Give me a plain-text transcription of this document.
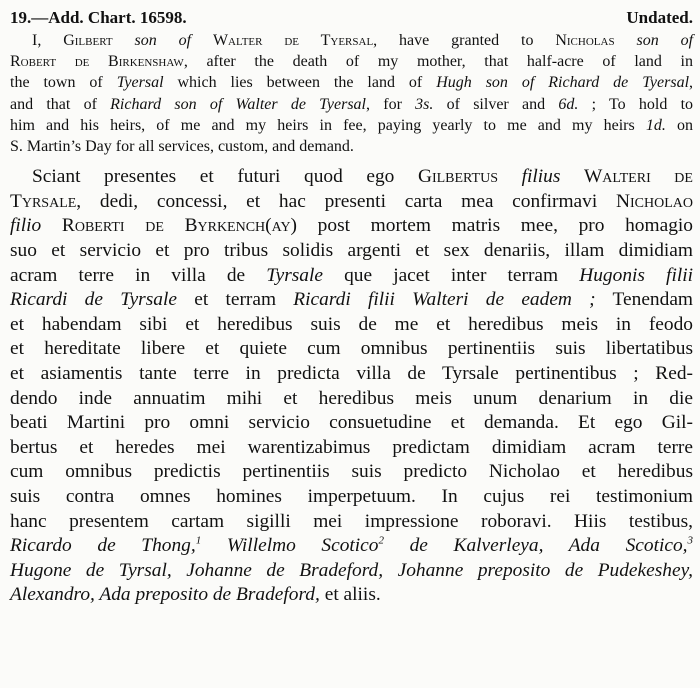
19.—Add. Chart. 16598.	Undated.
I, Gilbert son of Walter de Tyersal, have granted to Nicholas son of
Robert de Birkenshaw, after the death of my mother, that half-acre of land in
the town of Tyersal which lies between the land of Hugh son of Richard de Tyersal,
and that of Richard son of Walter de Tyersal, for 3s. of silver and 6d. ; To hold to
him and his heirs, of me and my heirs in fee, paying yearly to me and my heirs 1d. on
S. Martin’s Day for all services, custom, and demand.
Sciant presentes et futuri quod ego Gilbertus filius Walteri de
Tyrsale, dedi, concessi, et hac presenti carta mea confirmavi Nicholao
filio Roberti de Byrkench(ay) post mortem matris mee, pro homagio
suo et servicio et pro tribus solidis argenti et sex denariis, illam dimidiam
acram terre in villa de Tyrsale que jacet inter terram Hugonis filii
Ricardi de Tyrsale et terram Ricardi filii Walteri de eadem ; Tenendam
et habendam sibi et heredibus suis de me et heredibus meis in feodo
et hereditate libere et quiete cum omnibus pertinentiis suis libertatibus
et asiamentis tante terre in predicta villa de Tyrsale pertinentibus ; Red-
dendo inde annuatim mihi et heredibus meis unum denarium in die
beati Martini pro omni servicio consuetudine et demanda. Et ego Gil-
bertus et heredes mei warentizabimus predictam dimidiam acram terre
cum omnibus predictis pertinentiis suis predicto Nicholao et heredibus
suis contra omnes homines imperpetuum. In cujus rei testimonium
hanc presentem cartam sigilli mei impressione roboravi. Hiis testibus,
Ricardo de Thong,$^1$ Willelmo Scotico$^2$ de Kalverleya, Ada Scotico,$^3$
Hugone de Tyrsal, Johanne de Bradeford, Johanne preposito de Pudekeshey,
Alexandro, Ada preposito de Bradeford, et aliis.
